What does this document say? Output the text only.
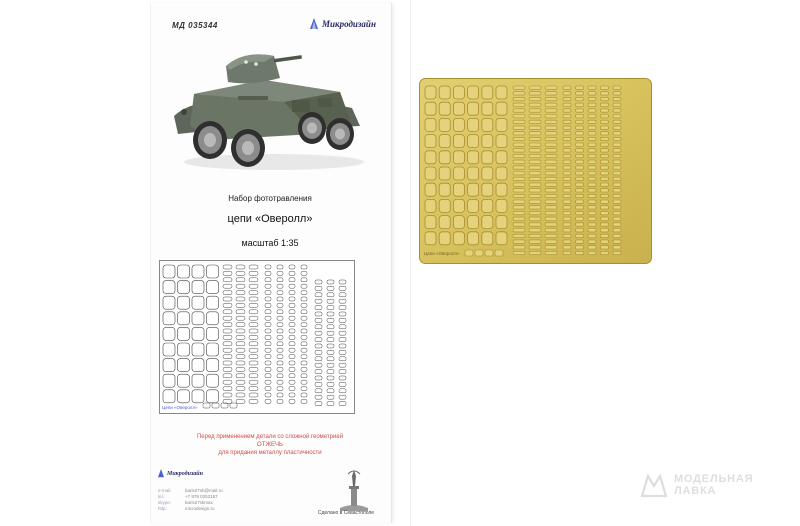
МД 035344	Микродизайн
Набор фототравления
цепи «Оверолл»
масштаб 1:35
Цепи «Оверолл»
Перед применением детали со сложной геометрией
ОТЖЕЧЬ
для придания металлу пластичности
Микродизайн
e-mail:	baris27sh@mail.ru
tel.:	+7 978 0253167
skype:	baris27skmax
http:	microdesign.ru
Сделано в Севастополе
Цепи «Оверолл»
МОДЕЛЬНАЯ
ЛАВКА
